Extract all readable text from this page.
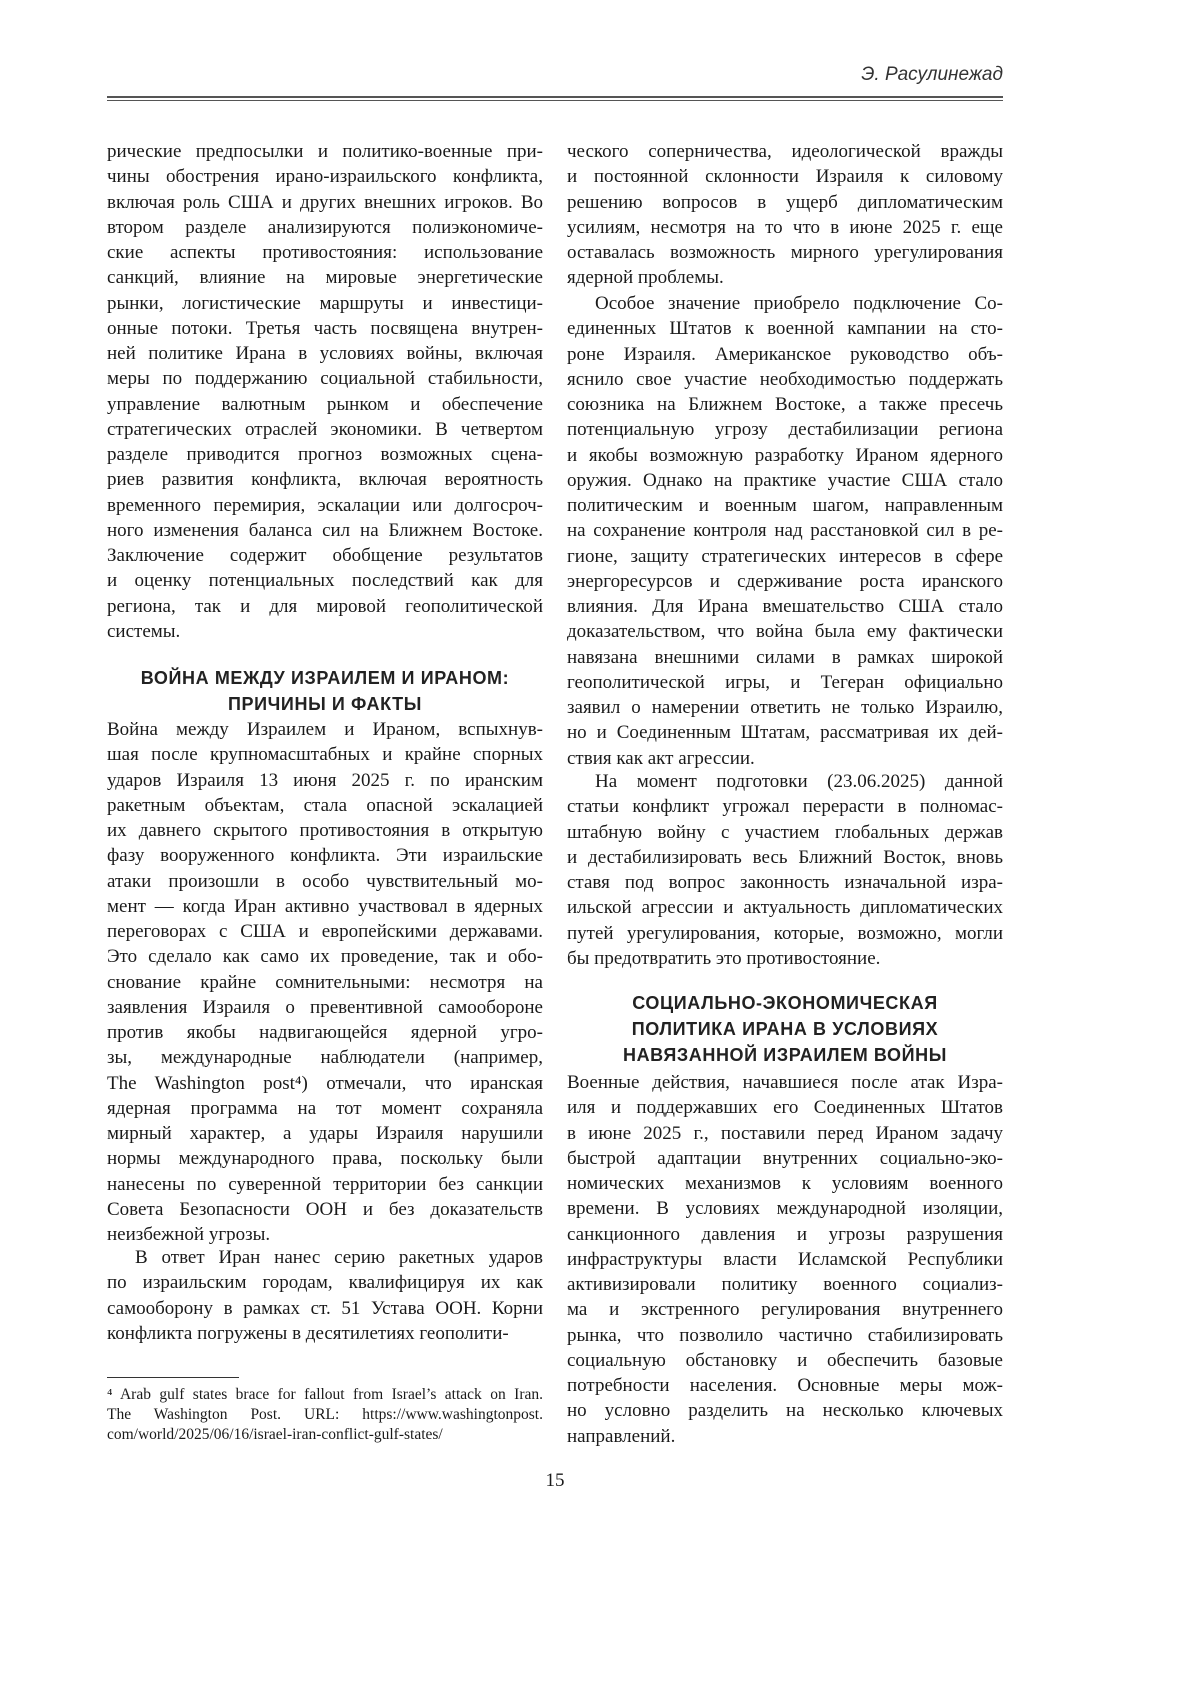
Э. Расулинежад
рические предпосылки и политико-военные при-
чины обострения ирано-израильского конфликта,
включая роль США и других внешних игроков. Во
втором разделе анализируются полиэкономиче-
ские аспекты противостояния: использование
санкций, влияние на мировые энергетические
рынки, логистические маршруты и инвестици-
онные потоки. Третья часть посвящена внутрен-
ней политике Ирана в условиях войны, включая
меры по поддержанию социальной стабильности,
управление валютным рынком и обеспечение
стратегических отраслей экономики. В четвертом
разделе приводится прогноз возможных сцена-
риев развития конфликта, включая вероятность
временного перемирия, эскалации или долгосроч-
ного изменения баланса сил на Ближнем Востоке.
Заключение содержит обобщение результатов
и оценку потенциальных последствий как для
региона, так и для мировой геополитической
системы.
ВОЙНА МЕЖДУ ИЗРАИЛЕМ И ИРАНОМ:
ПРИЧИНЫ И ФАКТЫ
Война между Израилем и Ираном, вспыхнув-
шая после крупномасштабных и крайне спорных
ударов Израиля 13 июня 2025 г. по иранским
ракетным объектам, стала опасной эскалацией
их давнего скрытого противостояния в открытую
фазу вооруженного конфликта. Эти израильские
атаки произошли в особо чувствительный мо-
мент — когда Иран активно участвовал в ядерных
переговорах с США и европейскими державами.
Это сделало как само их проведение, так и обо-
снование крайне сомнительными: несмотря на
заявления Израиля о превентивной самообороне
против якобы надвигающейся ядерной угро-
зы, международные наблюдатели (например,
The Washington post⁴) отмечали, что иранская
ядерная программа на тот момент сохраняла
мирный характер, а удары Израиля нарушили
нормы международного права, поскольку были
нанесены по суверенной территории без санкции
Совета Безопасности ООН и без доказательств
неизбежной угрозы.
В ответ Иран нанес серию ракетных ударов
по израильским городам, квалифицируя их как
самооборону в рамках ст. 51 Устава ООН. Корни
конфликта погружены в десятилетиях геополити-
⁴ Arab gulf states brace for fallout from Israel’s attack on Iran.
The Washington Post. URL: https://www.washingtonpost.
com/world/2025/06/16/israel-iran-conflict-gulf-states/
ческого соперничества, идеологической вражды
и постоянной склонности Израиля к силовому
решению вопросов в ущерб дипломатическим
усилиям, несмотря на то что в июне 2025 г. еще
оставалась возможность мирного урегулирования
ядерной проблемы.
Особое значение приобрело подключение Со-
единенных Штатов к военной кампании на сто-
роне Израиля. Американское руководство объ-
яснило свое участие необходимостью поддержать
союзника на Ближнем Востоке, а также пресечь
потенциальную угрозу дестабилизации региона
и якобы возможную разработку Ираном ядерного
оружия. Однако на практике участие США стало
политическим и военным шагом, направленным
на сохранение контроля над расстановкой сил в ре-
гионе, защиту стратегических интересов в сфере
энергоресурсов и сдерживание роста иранского
влияния. Для Ирана вмешательство США стало
доказательством, что война была ему фактически
навязана внешними силами в рамках широкой
геополитической игры, и Тегеран официально
заявил о намерении ответить не только Израилю,
но и Соединенным Штатам, рассматривая их дей-
ствия как акт агрессии.
На момент подготовки (23.06.2025) данной
статьи конфликт угрожал перерасти в полномас-
штабную войну с участием глобальных держав
и дестабилизировать весь Ближний Восток, вновь
ставя под вопрос законность изначальной изра-
ильской агрессии и актуальность дипломатических
путей урегулирования, которые, возможно, могли
бы предотвратить это противостояние.
СОЦИАЛЬНО-ЭКОНОМИЧЕСКАЯ
ПОЛИТИКА ИРАНА В УСЛОВИЯХ
НАВЯЗАННОЙ ИЗРАИЛЕМ ВОЙНЫ
Военные действия, начавшиеся после атак Изра-
иля и поддержавших его Соединенных Штатов
в июне 2025 г., поставили перед Ираном задачу
быстрой адаптации внутренних социально-эко-
номических механизмов к условиям военного
времени. В условиях международной изоляции,
санкционного давления и угрозы разрушения
инфраструктуры власти Исламской Республики
активизировали политику военного социализ-
ма и экстренного регулирования внутреннего
рынка, что позволило частично стабилизировать
социальную обстановку и обеспечить базовые
потребности населения. Основные меры мож-
но условно разделить на несколько ключевых
направлений.
15
